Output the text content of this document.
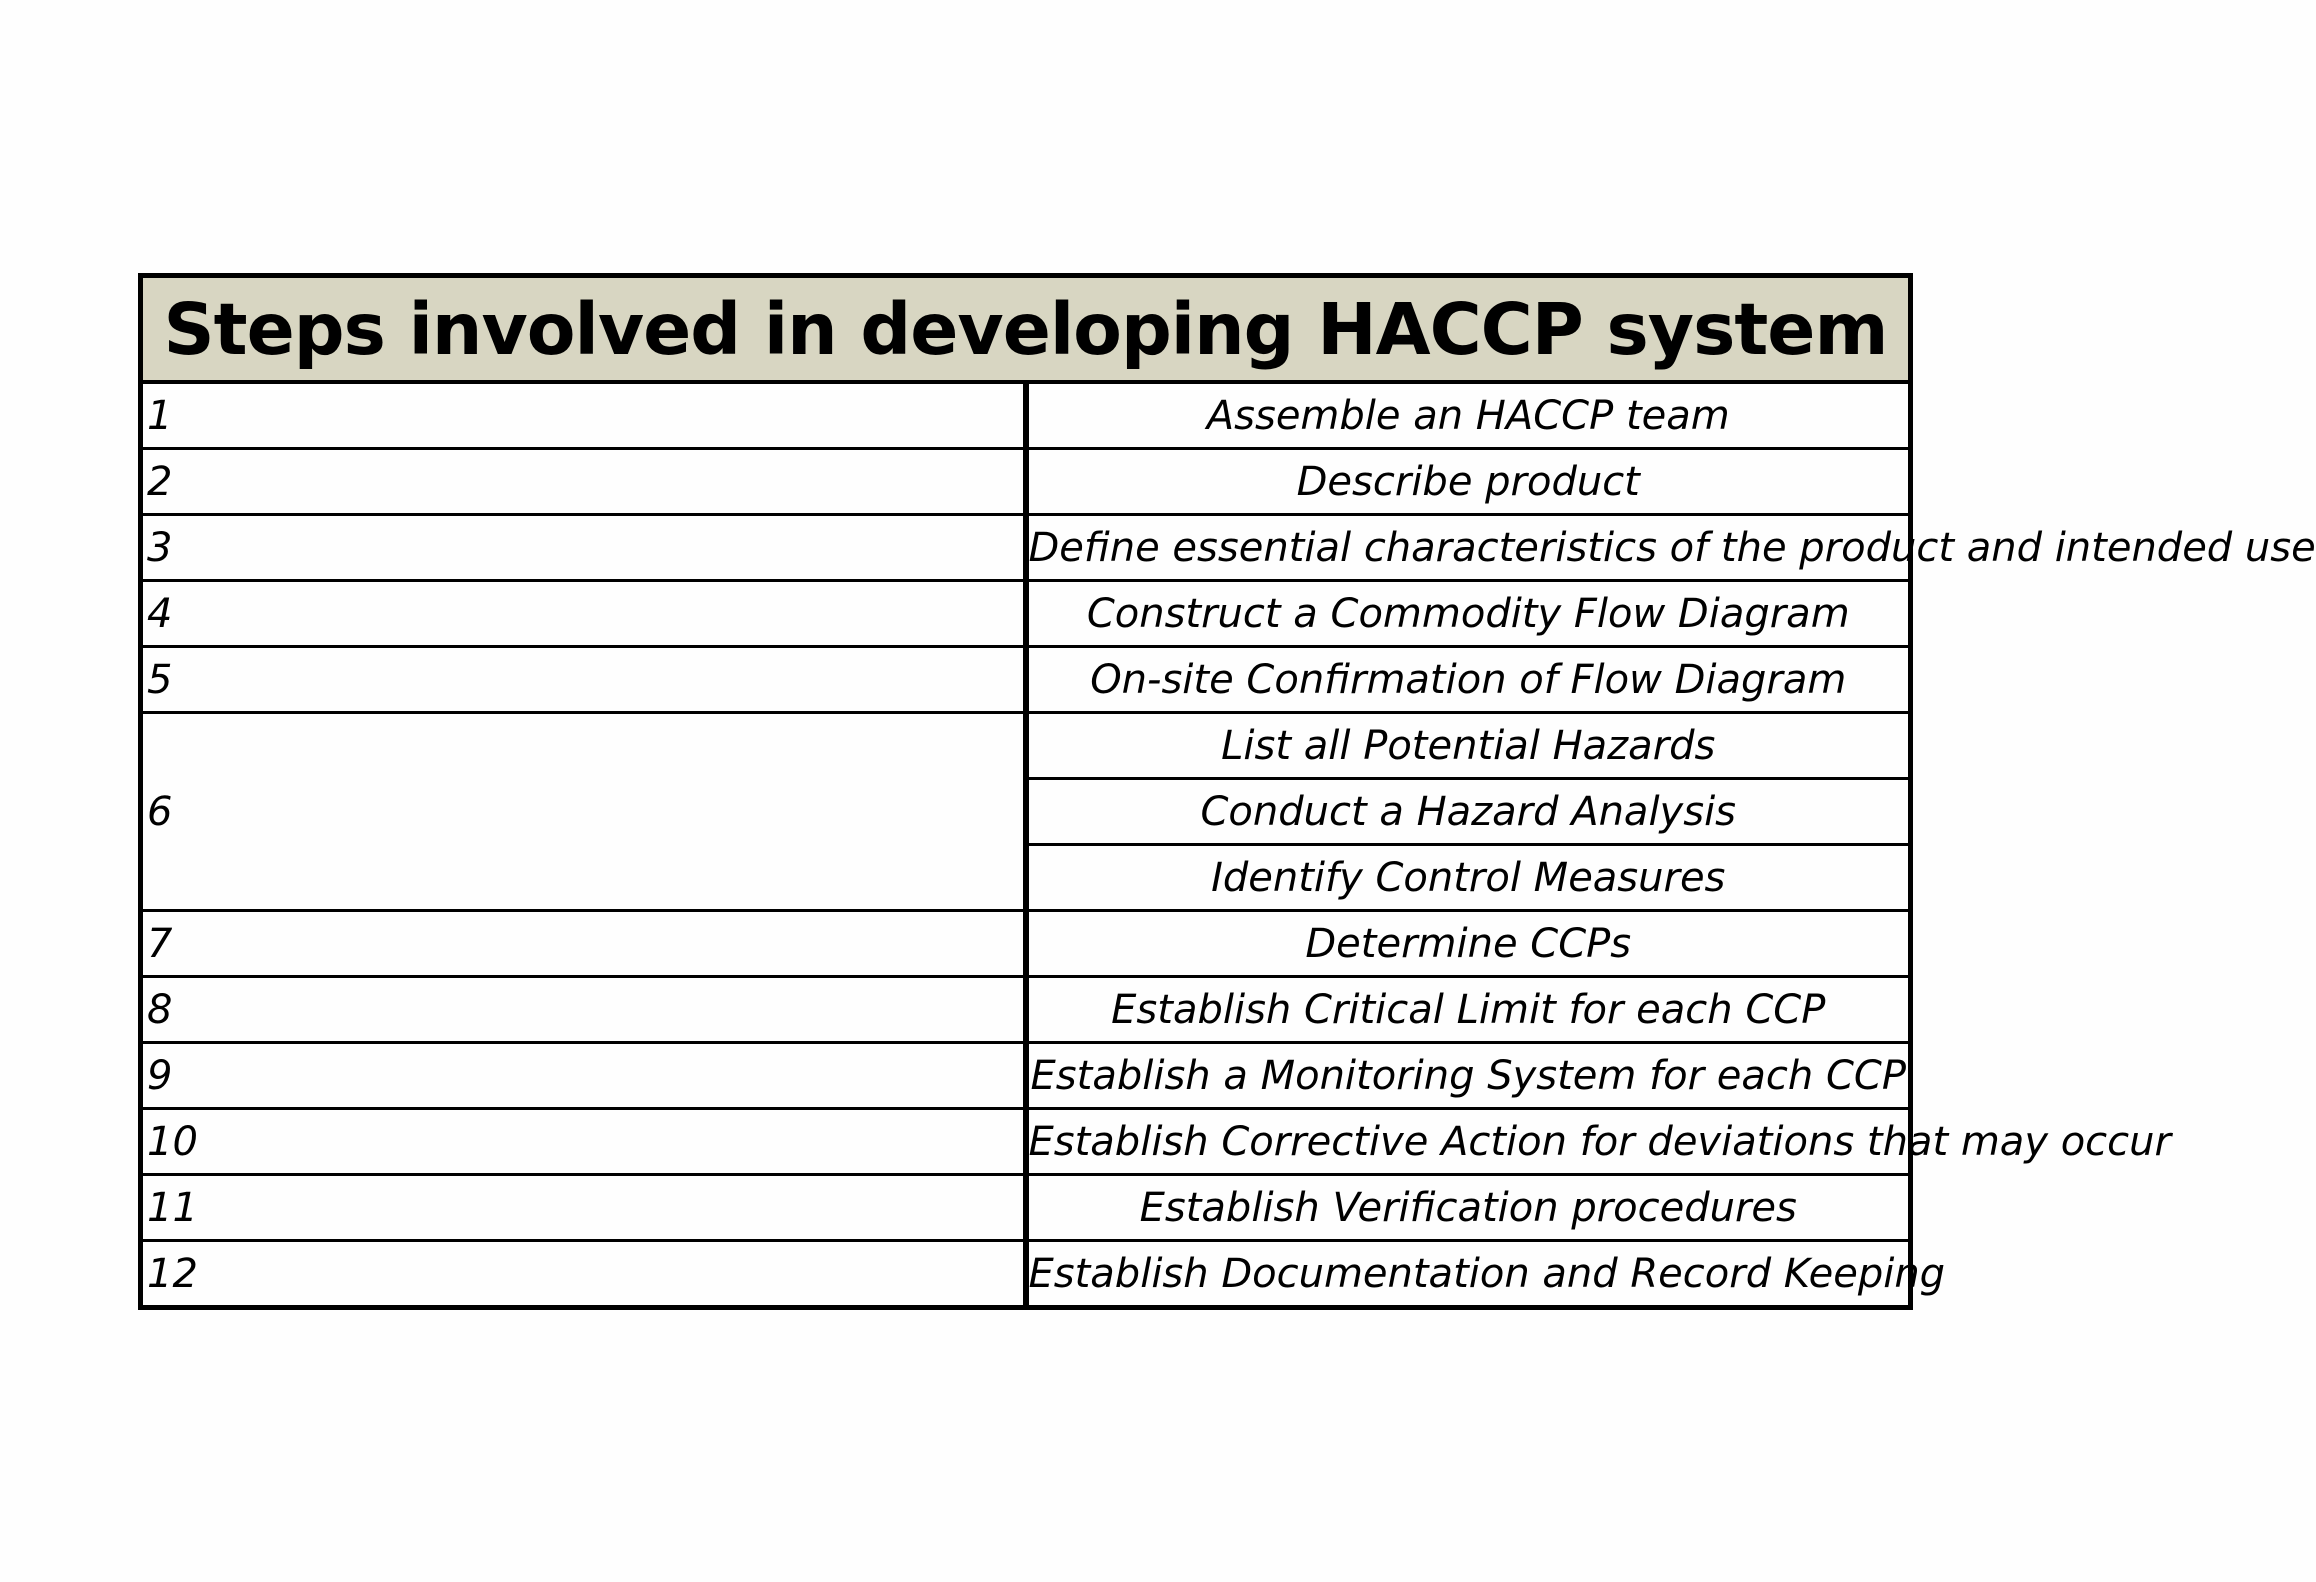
Steps involved in developing HACCP system	
1	Assemble an HACCP team
2	Describe product
3	Define essential characteristics of the product and intended use
4	Construct a Commodity Flow Diagram
5	On-site Confirmation of Flow Diagram
6	List all Potential Hazards
	Conduct a Hazard Analysis
	Identify Control Measures
7	Determine CCPs
8	Establish Critical Limit for each CCP
9	Establish a Monitoring System for each CCP
10	Establish Corrective Action for deviations that may occur
11	Establish Verification procedures
12	Establish Documentation and Record Keeping
